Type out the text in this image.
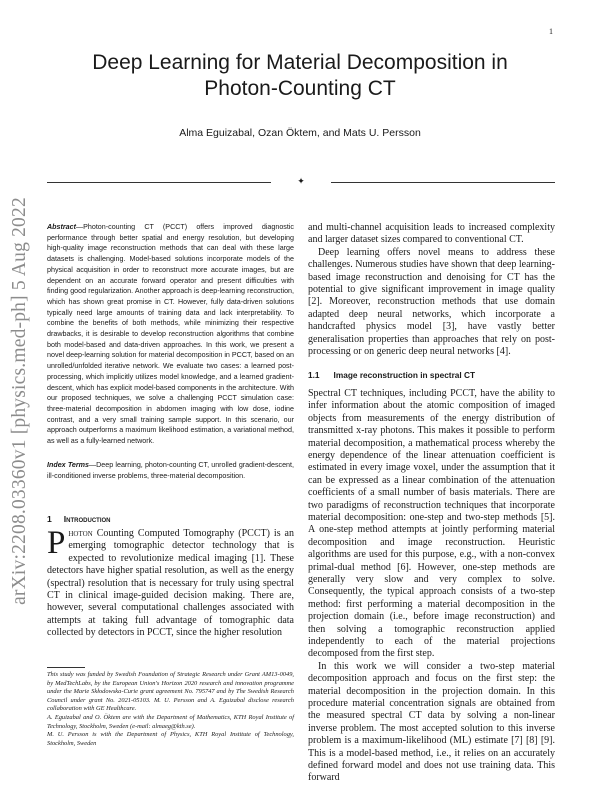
1
arXiv:2208.03360v1 [physics.med-ph] 5 Aug 2022
Deep Learning for Material Decomposition in Photon-Counting CT
Alma Eguizabal, Ozan Öktem, and Mats U. Persson
✦

Abstract—Photon-counting CT (PCCT) offers improved diagnostic performance through better spatial and energy resolution, but developing high-quality image reconstruction methods that can deal with these large datasets is challenging. Model-based solutions incorporate models of the physical acquisition in order to reconstruct more accurate images, but are dependent on an accurate forward operator and present difficulties with finding good regularization. Another approach is deep-learning reconstruction, which has shown great promise in CT. However, fully data-driven solutions typically need large amounts of training data and lack interpretability. To combine the benefits of both methods, while minimizing their respective drawbacks, it is desirable to develop reconstruction algorithms that combine both model-based and data-driven approaches. In this work, we present a novel deep-learning solution for material decomposition in PCCT, based on an unrolled/unfolded iterative network. We evaluate two cases: a learned post-processing, which implicitly utilizes model knowledge, and a learned gradient-descent, which has explicit model-based components in the architecture. With our proposed techniques, we solve a challenging PCCT simulation case: three-material decomposition in abdomen imaging with low dose, iodine contrast, and a very small training sample support. In this scenario, our approach outperforms a maximum likelihood estimation, a variational method, as well as a fully-learned network.

Index Terms—Deep learning, photon-counting CT, unrolled gradient-descent, ill-conditioned inverse problems, three-material decomposition.

1 Introduction

Photon Counting Computed Tomography (PCCT) is an emerging tomographic detector technology that is expected to revolutionize medical imaging [1]. These detectors have higher spatial resolution, as well as the energy (spectral) resolution that is necessary for truly using spectral CT in clinical image-guided decision making. There are, however, several computational challenges associated with attempts at taking full advantage of tomographic data collected by detectors in PCCT, since the higher resolution

This study was funded by Swedish Foundation of Strategic Research under Grant AM13-0049, by MedTechLabs, by the European Union's Horizon 2020 research and innovation programme under the Marie Skłodowska-Curie grant agreement No. 795747 and by The Swedish Research Council under grant No. 2021-05103. M. U. Persson and A. Eguizabal disclose research collaboration with GE Healthcare.

A. Eguizabal and O. Öktem are with the Department of Mathematics, KTH Royal Institute of Technology, Stockholm, Sweden (e-mail: almaeg@kth.se).

M. U. Persson is with the Department of Physics, KTH Royal Institute of Technology, Stockholm, Sweden

and multi-channel acquisition leads to increased complexity and larger dataset sizes compared to conventional CT.

Deep learning offers novel means to address these challenges. Numerous studies have shown that deep learning-based image reconstruction and denoising for CT has the potential to give significant improvement in image quality [2]. Moreover, reconstruction methods that use domain adapted deep neural networks, which incorporate a handcrafted physics model [3], have vastly better generalisation properties than approaches that rely on post-processing or on generic deep neural networks [4].

1.1 Image reconstruction in spectral CT

Spectral CT techniques, including PCCT, have the ability to infer information about the atomic composition of imaged objects from measurements of the energy distribution of transmitted x-ray photons. This makes it possible to perform material decomposition, a mathematical process whereby the energy dependence of the linear attenuation coefficient is estimated in every image voxel, under the assumption that it can be expressed as a linear combination of the attenuation coefficients of a small number of basis materials. There are two paradigms of reconstruction techniques that incorporate material decomposition: one-step and two-step methods [5]. A one-step method attempts at jointly performing material decomposition and image reconstruction. Heuristic algorithms are used for this purpose, e.g., with a non-convex primal-dual method [6]. However, one-step methods are generally very slow and very complex to solve. Consequently, the typical approach consists of a two-step method: first performing a material decomposition in the projection domain (i.e., before image reconstruction) and then solving a tomographic reconstruction applied independently to each of the material projections decomposed from the first step.

In this work we will consider a two-step material decomposition approach and focus on the first step: the material decomposition in the projection domain. In this procedure material concentration signals are obtained from the measured spectral CT data by solving a non-linear inverse problem. The most accepted solution to this inverse problem is a maximum-likelihood (ML) estimate [7] [8] [9]. This is a model-based method, i.e., it relies on an accurately defined forward model and does not use training data. This forward
